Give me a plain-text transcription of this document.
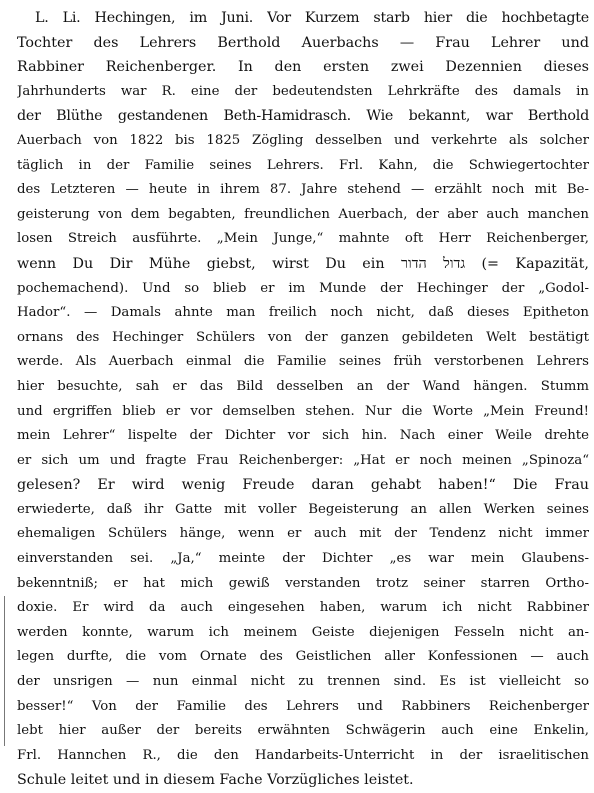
L. Li. Hechingen, im Juni. Vor Kurzem starb hier die hochbetagte
Tochter des Lehrers Berthold Auerbachs — Frau Lehrer und
Rabbiner Reichenberger. In den ersten zwei Dezennien dieses
Jahrhunderts war R. eine der bedeutendsten Lehrkräfte des damals in
der Blüthe gestandenen Beth-Hamidrasch. Wie bekannt, war Berthold
Auerbach von 1822 bis 1825 Zögling desselben und verkehrte als solcher
täglich in der Familie seines Lehrers. Frl. Kahn, die Schwiegertochter
des Letzteren — heute in ihrem 87. Jahre stehend — erzählt noch mit Be-
geisterung von dem begabten, freundlichen Auerbach, der aber auch manchen
losen Streich ausführte. „Mein Junge,“ mahnte oft Herr Reichenberger,
wenn Du Dir Mühe giebst, wirst Du ein גדול הדור (= Kapazität,
pochemachend). Und so blieb er im Munde der Hechinger der „Godol-
Hador“. — Damals ahnte man freilich noch nicht, daß dieses Epitheton
ornans des Hechinger Schülers von der ganzen gebildeten Welt bestätigt
werde. Als Auerbach einmal die Familie seines früh verstorbenen Lehrers
hier besuchte, sah er das Bild desselben an der Wand hängen. Stumm
und ergriffen blieb er vor demselben stehen. Nur die Worte „Mein Freund!
mein Lehrer“ lispelte der Dichter vor sich hin. Nach einer Weile drehte
er sich um und fragte Frau Reichenberger: „Hat er noch meinen „Spinoza“
gelesen? Er wird wenig Freude daran gehabt haben!“ Die Frau
erwiederte, daß ihr Gatte mit voller Begeisterung an allen Werken seines
ehemaligen Schülers hänge, wenn er auch mit der Tendenz nicht immer
einverstanden sei. „Ja,“ meinte der Dichter „es war mein Glaubens-
bekenntniß; er hat mich gewiß verstanden trotz seiner starren Ortho-
doxie. Er wird da auch eingesehen haben, warum ich nicht Rabbiner
werden konnte, warum ich meinem Geiste diejenigen Fesseln nicht an-
legen durfte, die vom Ornate des Geistlichen aller Konfessionen — auch
der unsrigen — nun einmal nicht zu trennen sind. Es ist vielleicht so
besser!“ Von der Familie des Lehrers und Rabbiners Reichenberger
lebt hier außer der bereits erwähnten Schwägerin auch eine Enkelin,
Frl. Hannchen R., die den Handarbeits-Unterricht in der israelitischen
Schule leitet und in diesem Fache Vorzügliches leistet.
